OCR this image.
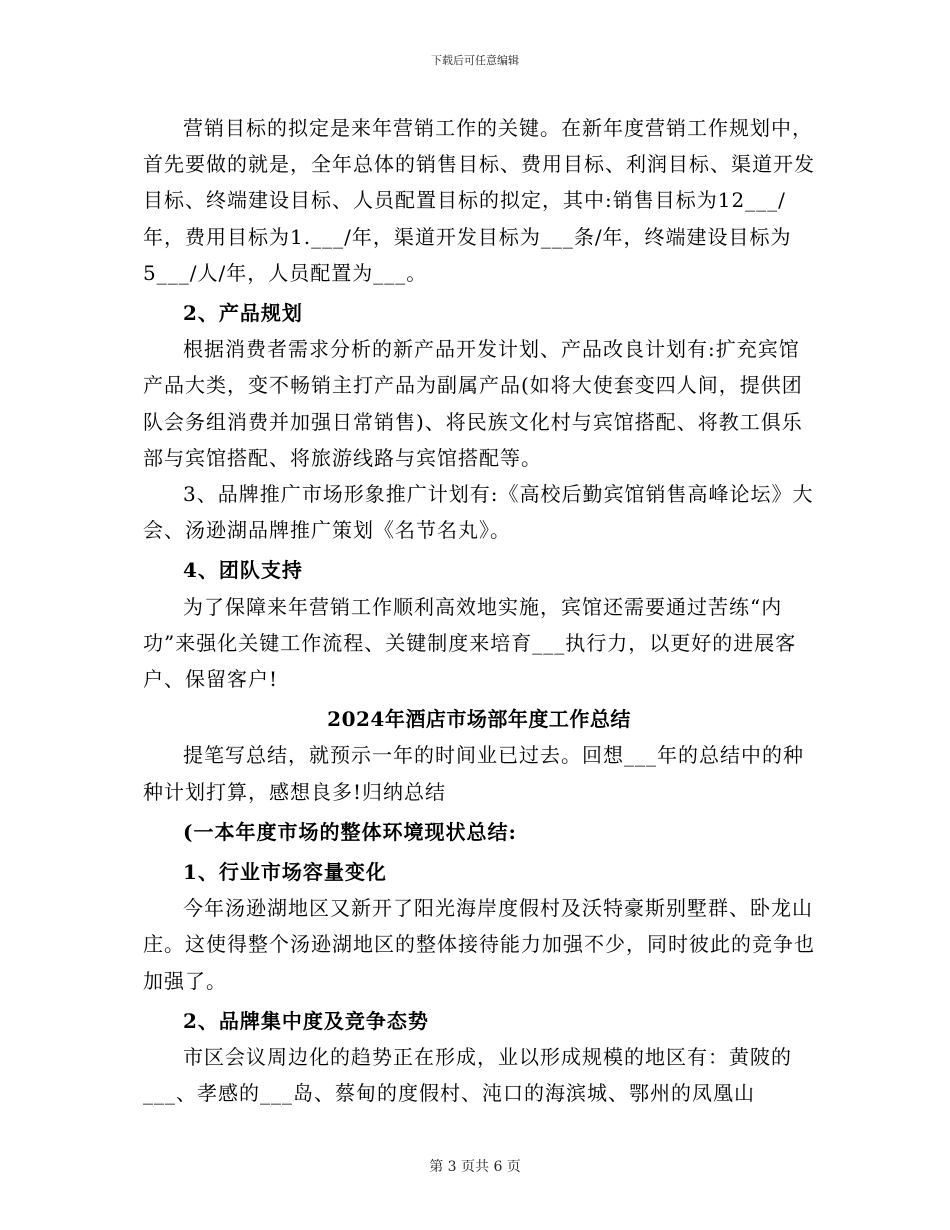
下载后可任意编辑

营销目标的拟定是来年营销工作的关键。在新年度营销工作规划中，首先要做的就是，全年总体的销售目标、费用目标、利润目标、渠道开发目标、终端建设目标、人员配置目标的拟定，其中:销售目标为12___/年，费用目标为1.___/年，渠道开发目标为___条/年，终端建设目标为5___/人/年，人员配置为___。

2、产品规划

根据消费者需求分析的新产品开发计划、产品改良计划有:扩充宾馆产品大类，变不畅销主打产品为副属产品(如将大使套变四人间，提供团队会务组消费并加强日常销售)、将民族文化村与宾馆搭配、将教工俱乐部与宾馆搭配、将旅游线路与宾馆搭配等。

3、品牌推广市场形象推广计划有:《高校后勤宾馆销售高峰论坛》大会、汤逊湖品牌推广策划《名节名丸》。

4、团队支持

为了保障来年营销工作顺利高效地实施，宾馆还需要通过苦练“内功”来强化关键工作流程、关键制度来培育___执行力，以更好的进展客户、保留客户!

2024年酒店市场部年度工作总结

提笔写总结，就预示一年的时间业已过去。回想___年的总结中的种种计划打算，感想良多!归纳总结

(一本年度市场的整体环境现状总结:

1、行业市场容量变化

今年汤逊湖地区又新开了阳光海岸度假村及沃特豪斯别墅群、卧龙山庄。这使得整个汤逊湖地区的整体接待能力加强不少，同时彼此的竞争也加强了。

2、品牌集中度及竞争态势

市区会议周边化的趋势正在形成，业以形成规模的地区有：黄陂的___、孝感的___岛、蔡甸的度假村、沌口的海滨城、鄂州的凤凰山

第 3 页共 6 页
